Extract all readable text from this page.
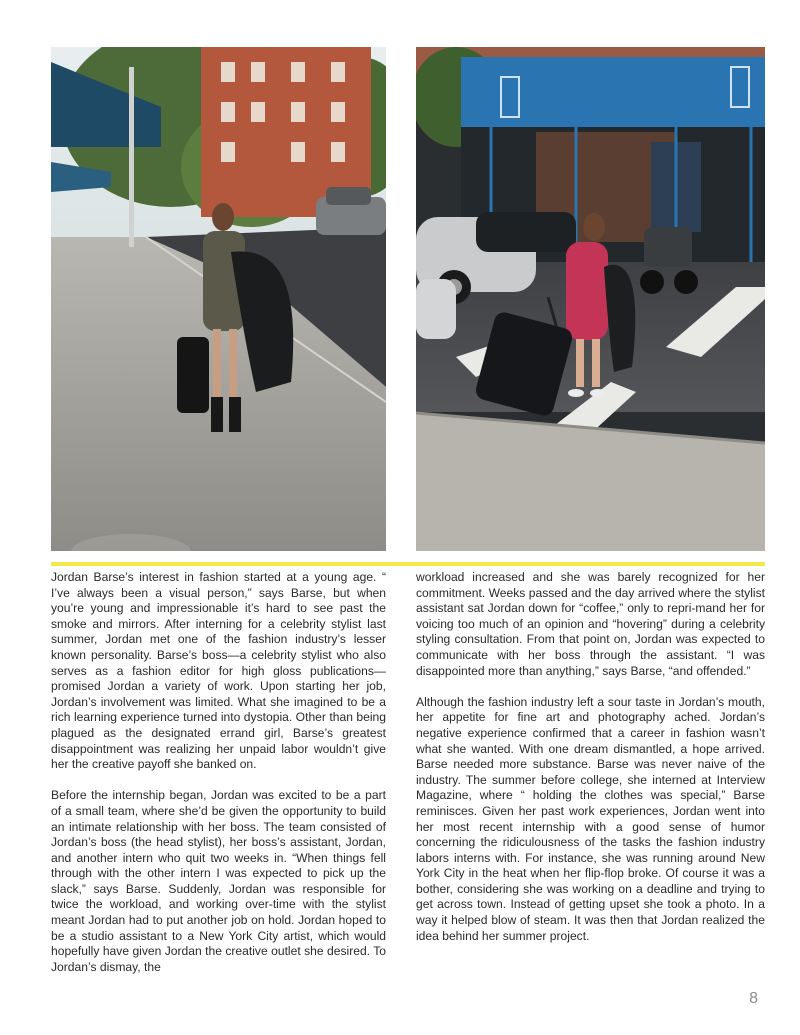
Jordan Barse’s interest in fashion started at a young age. “ I’ve always been a visual person,” says Barse, but when you’re young and impressionable it’s hard to see past the smoke and mirrors. After interning for a celebrity stylist last summer, Jordan met one of the fashion industry’s lesser known personality. Barse’s boss—a celebrity stylist who also serves as a fashion editor for high gloss publications—promised Jordan a variety of work. Upon starting her job, Jordan’s involvement was limited. What she imagined to be a rich learning experience turned into dystopia. Other than being plagued as the designated errand girl, Barse’s greatest disappointment was realizing her unpaid labor wouldn’t give her the creative payoff she banked on.

Before the internship began, Jordan was excited to be a part of a small team, where she’d be given the opportunity to build an intimate relationship with her boss. The team consisted of Jordan’s boss (the head stylist), her boss’s assistant, Jordan, and another intern who quit two weeks in. “When things fell through with the other intern I was expected to pick up the slack,” says Barse. Suddenly, Jordan was responsible for twice the workload, and working over-time with the stylist meant Jordan had to put another job on hold. Jordan hoped to be a studio assistant to a New York City artist, which would hopefully have given Jordan the creative outlet she desired. To Jordan’s dismay, the

workload increased and she was barely recognized for her commitment. Weeks passed and the day arrived where the stylist assistant sat Jordan down for “coffee,” only to repri-mand her for voicing too much of an opinion and “hovering” during a celebrity styling consultation. From that point on, Jordan was expected to communicate with her boss through the assistant. “I was disappointed more than anything,” says Barse, “and offended.”

Although the fashion industry left a sour taste in Jordan’s mouth, her appetite for fine art and photography ached. Jordan’s negative experience confirmed that a career in fashion wasn’t what she wanted. With one dream dismantled, a hope arrived. Barse needed more substance. Barse was never naive of the industry. The summer before college, she interned at Interview Magazine, where “ holding the clothes was special,” Barse reminisces. Given her past work experiences, Jordan went into her most recent internship with a good sense of humor concerning the ridiculousness of the tasks the fashion industry labors interns with. For instance, she was running around New York City in the heat when her flip-flop broke. Of course it was a bother, considering she was working on a deadline and trying to get across town. Instead of getting upset she took a photo. In a way it helped blow of steam. It was then that Jordan realized the idea behind her summer project.

8
